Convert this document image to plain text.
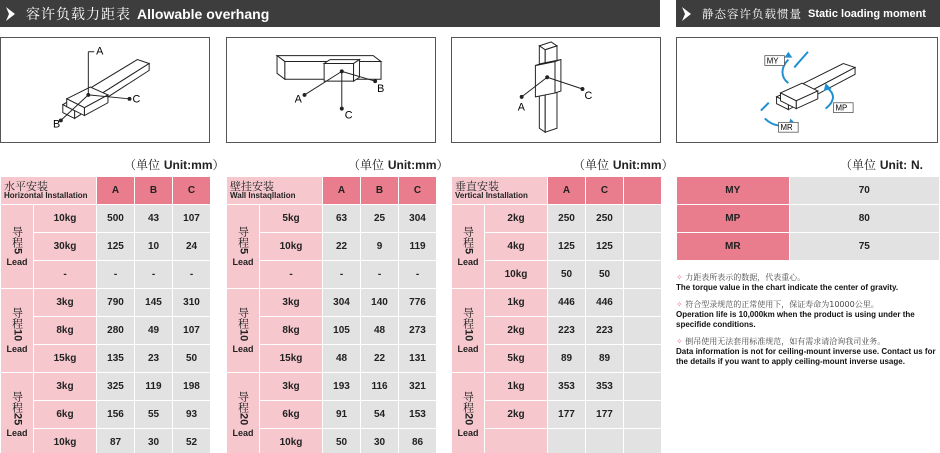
容许负载力距表 Allowable overhang	静态容许负载惯量 Static loading moment
A
C
B
A
B
C
A
C
MY
MP
MR
（单位 Unit:mm）	（单位 Unit:mm）	（单位 Unit:mm）	（单位 Unit: N.
水平安装
Horizontal Installation		A	B	C

导程
5
Lead	10kg	500	43	107
	30kg	125	10	24
	-	-	-	-

导程
10
Lead	3kg	790	145	310
	8kg	280	49	107
	15kg	135	23	50

导程
25
Lead	3kg	325	119	198
	6kg	156	55	93
	10kg	87	30	52
壁挂安装
Wall Instaqllation		A	B	C

导程
5
Lead	5kg	63	25	304
	10kg	22	9	119
	-	-	-	-

导程
10
Lead	3kg	304	140	776
	8kg	105	48	273
	15kg	48	22	131

导程
20
Lead	3kg	193	116	321
	6kg	91	54	153
	10kg	50	30	86
垂直安装
Vertical Installation		A	C	

导程
5
Lead	2kg	250	250	
	4kg	125	125	
	10kg	50	50	

导程
10
Lead	1kg	446	446	
	2kg	223	223	
	5kg	89	89	

导程
20
Lead	1kg	353	353	
	2kg	177	177	

MY	70
MP	80
MR	75
✧ 力距表所表示的数据，代表重心。
The torque value in the chart indicate the center of gravity.
✧ 符合型录规范的正常使用下，保证寿命为10000公里。
Operation life is 10,000km when the product is using under the specifide conditions.
✧ 倒吊使用无法套用标准规范，如有需求请洽询我司业务。
Data information is not for ceiling-mount inverse use. Contact us for the details if you want to apply ceiling-mount inverse usage.
